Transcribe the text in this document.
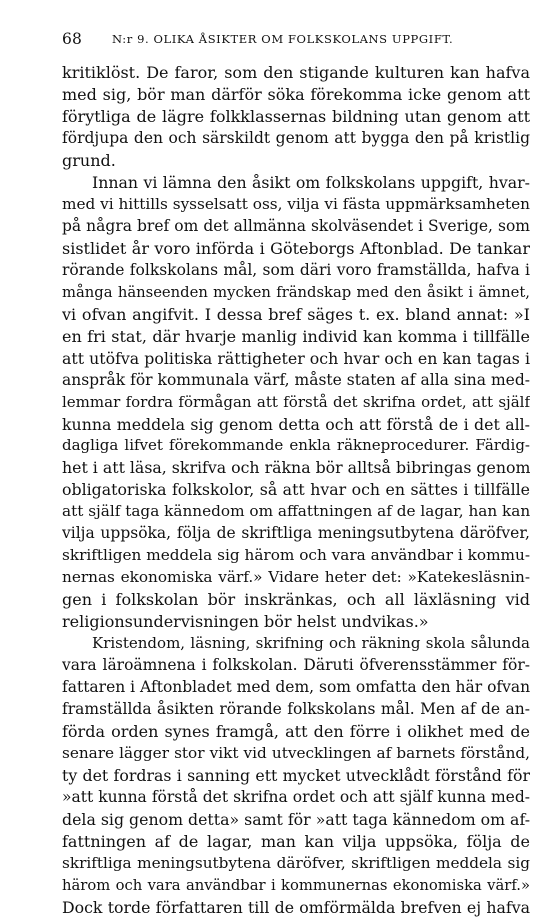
68	N:r 9. OLIKA ÅSIKTER OM FOLKSKOLANS UPPGIFT.
kritiklöst. De faror, som den stigande kulturen kan hafva
med sig, bör man därför söka förekomma icke genom att
förytliga de lägre folkklassernas bildning utan genom att
fördjupa den och särskildt genom att bygga den på kristlig
grund.
Innan vi lämna den åsikt om folkskolans uppgift, hvar-
med vi hittills sysselsatt oss, vilja vi fästa uppmärksamheten
på några bref om det allmänna skolväsendet i Sverige, som
sistlidet år voro införda i Göteborgs Aftonblad. De tankar
rörande folkskolans mål, som däri voro framställda, hafva i
många hänseenden mycken frändskap med den åsikt i ämnet,
vi ofvan angifvit. I dessa bref säges t. ex. bland annat: »I
en fri stat, där hvarje manlig individ kan komma i tillfälle
att utöfva politiska rättigheter och hvar och en kan tagas i
anspråk för kommunala värf, måste staten af alla sina med-
lemmar fordra förmågan att förstå det skrifna ordet, att själf
kunna meddela sig genom detta och att förstå de i det all-
dagliga lifvet förekommande enkla räkneprocedurer. Färdig-
het i att läsa, skrifva och räkna bör alltså bibringas genom
obligatoriska folkskolor, så att hvar och en sättes i tillfälle
att själf taga kännedom om affattningen af de lagar, han kan
vilja uppsöka, följa de skriftliga meningsutbytena däröfver,
skriftligen meddela sig härom och vara användbar i kommu-
nernas ekonomiska värf.» Vidare heter det: »Katekesläsnin-
gen i folkskolan bör inskränkas, och all läxläsning vid
religionsundervisningen bör helst undvikas.»
Kristendom, läsning, skrifning och räkning skola sålunda
vara läroämnena i folkskolan. Däruti öfverensstämmer för-
fattaren i Aftonbladet med dem, som omfatta den här ofvan
framställda åsikten rörande folkskolans mål. Men af de an-
förda orden synes framgå, att den förre i olikhet med de
senare lägger stor vikt vid utvecklingen af barnets förstånd,
ty det fordras i sanning ett mycket utvecklådt förstånd för
»att kunna förstå det skrifna ordet och att själf kunna med-
dela sig genom detta» samt för »att taga kännedom om af-
fattningen af de lagar, man kan vilja uppsöka, följa de
skriftliga meningsutbytena däröfver, skriftligen meddela sig
härom och vara användbar i kommunernas ekonomiska värf.»
Dock torde författaren till de omförmälda brefven ej hafva
